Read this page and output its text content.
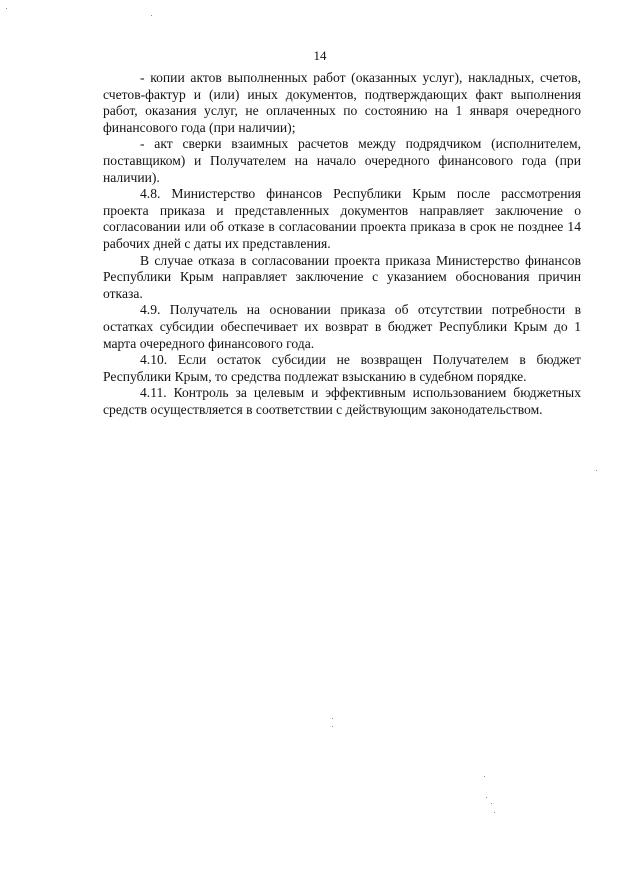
14

- копии актов выполненных работ (оказанных услуг), накладных, счетов, счетов-фактур и (или) иных документов, подтверждающих факт выполнения работ, оказания услуг, не оплаченных по состоянию на 1 января очередного финансового года (при наличии);

- акт сверки взаимных расчетов между подрядчиком (исполнителем, поставщиком) и Получателем на начало очередного финансового года (при наличии).

4.8. Министерство финансов Республики Крым после рассмотрения проекта приказа и представленных документов направляет заключение о согласовании или об отказе в согласовании проекта приказа в срок не позднее 14 рабочих дней с даты их представления.

В случае отказа в согласовании проекта приказа Министерство финансов Республики Крым направляет заключение с указанием обоснования причин отказа.

4.9. Получатель на основании приказа об отсутствии потребности в остатках субсидии обеспечивает их возврат в бюджет Республики Крым до 1 марта очередного финансового года.

4.10. Если остаток субсидии не возвращен Получателем в бюджет Республики Крым, то средства подлежат взысканию в судебном порядке.

4.11. Контроль за целевым и эффективным использованием бюджетных средств осуществляется в соответствии с действующим законодательством.
